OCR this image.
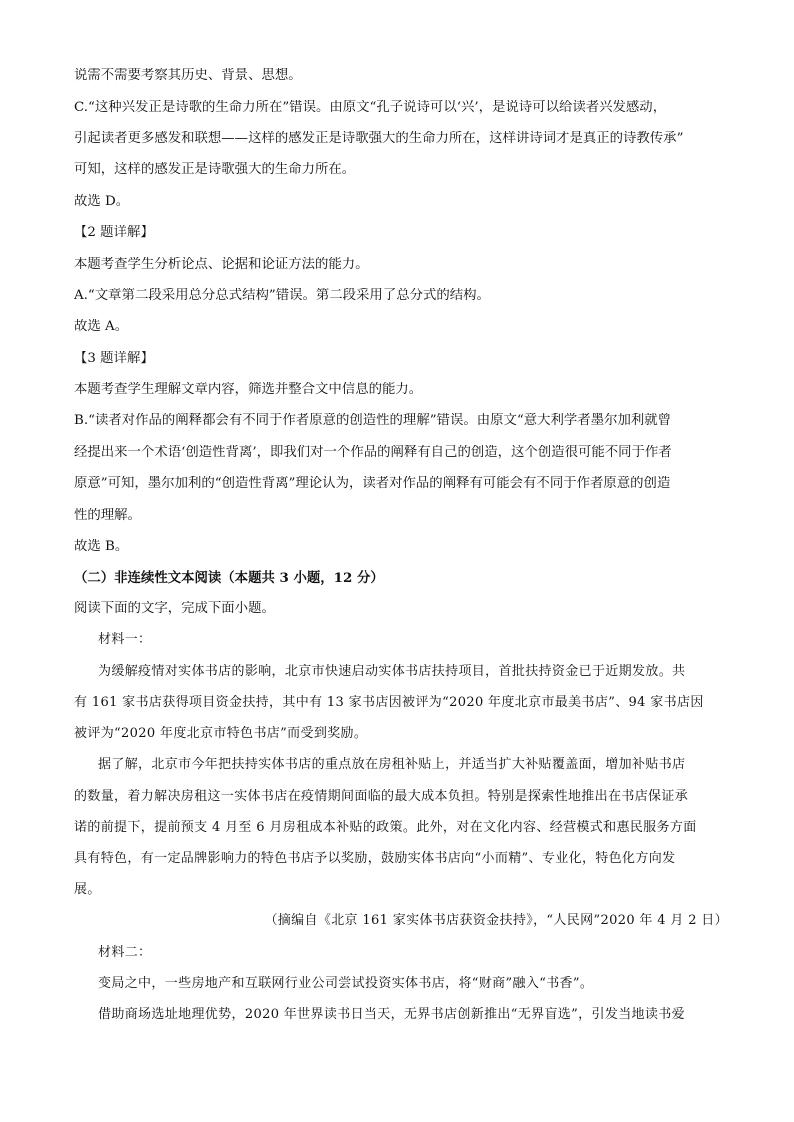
说需不需要考察其历史、背景、思想。
C.“这种兴发正是诗歌的生命力所在”错误。由原文“孔子说诗可以‘兴’，是说诗可以给读者兴发感动，
引起读者更多感发和联想——这样的感发正是诗歌强大的生命力所在，这样讲诗词才是真正的诗教传承”
可知，这样的感发正是诗歌强大的生命力所在。
故选 D。
【2 题详解】
本题考查学生分析论点、论据和论证方法的能力。
A.“文章第二段采用总分总式结构”错误。第二段采用了总分式的结构。
故选 A。
【3 题详解】
本题考查学生理解文章内容，筛选并整合文中信息的能力。
B.“读者对作品的阐释都会有不同于作者原意的创造性的理解”错误。由原文“意大利学者墨尔加利就曾
经提出来一个术语‘创造性背离’，即我们对一个作品的阐释有自己的创造，这个创造很可能不同于作者
原意”可知，墨尔加利的“创造性背离”理论认为，读者对作品的阐释有可能会有不同于作者原意的创造
性的理解。
故选 B。
（二）非连续性文本阅读（本题共 3 小题，12 分）
阅读下面的文字，完成下面小题。
材料一：
为缓解疫情对实体书店的影响，北京市快速启动实体书店扶持项目，首批扶持资金已于近期发放。共
有 161 家书店获得项目资金扶持，其中有 13 家书店因被评为“2020 年度北京市最美书店”、94 家书店因
被评为“2020 年度北京市特色书店”而受到奖励。
据了解，北京市今年把扶持实体书店的重点放在房租补贴上，并适当扩大补贴覆盖面，增加补贴书店
的数量，着力解决房租这一实体书店在疫情期间面临的最大成本负担。特别是探索性地推出在书店保证承
诺的前提下，提前预支 4 月至 6 月房租成本补贴的政策。此外，对在文化内容、经营模式和惠民服务方面
具有特色，有一定品牌影响力的特色书店予以奖励，鼓励实体书店向“小而精”、专业化，特色化方向发
展。
（摘编自《北京 161 家实体书店获资金扶持》，“人民网”2020 年 4 月 2 日）
材料二：
变局之中，一些房地产和互联网行业公司尝试投资实体书店，将“财商”融入“书香”。
借助商场选址地理优势，2020 年世界读书日当天，无界书店创新推出“无界盲选”，引发当地读书爱
